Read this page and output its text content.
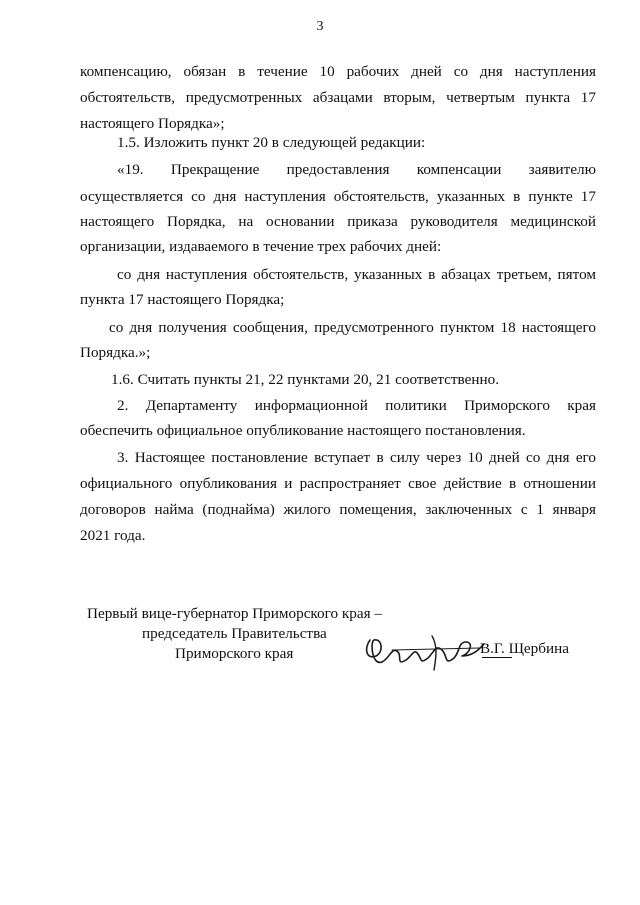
3
компенсацию, обязан в течение 10 рабочих дней со дня наступления
обстоятельств, предусмотренных абзацами вторым, четвертым пункта 17
настоящего Порядка»;
1.5. Изложить пункт 20 в следующей редакции:
«19. Прекращение предоставления компенсации заявителю
осуществляется со дня наступления обстоятельств, указанных в пункте 17
настоящего Порядка, на основании приказа руководителя медицинской
организации, издаваемого в течение трех рабочих дней:
со дня наступления обстоятельств, указанных в абзацах третьем, пятом
пункта 17 настоящего Порядка;
со дня получения сообщения, предусмотренного пунктом 18 настоящего
Порядка.»;
1.6. Считать пункты 21, 22 пунктами 20, 21 соответственно.
2. Департаменту информационной политики Приморского края
обеспечить официальное опубликование настоящего постановления.
3. Настоящее постановление вступает в силу через 10 дней со дня его
официального опубликования и распространяет свое действие в отношении
договоров найма (поднайма) жилого помещения, заключенных с 1 января
2021 года.
Первый вице-губернатор Приморского края –
председатель Правительства
Приморского края	В.Г. Щербина
